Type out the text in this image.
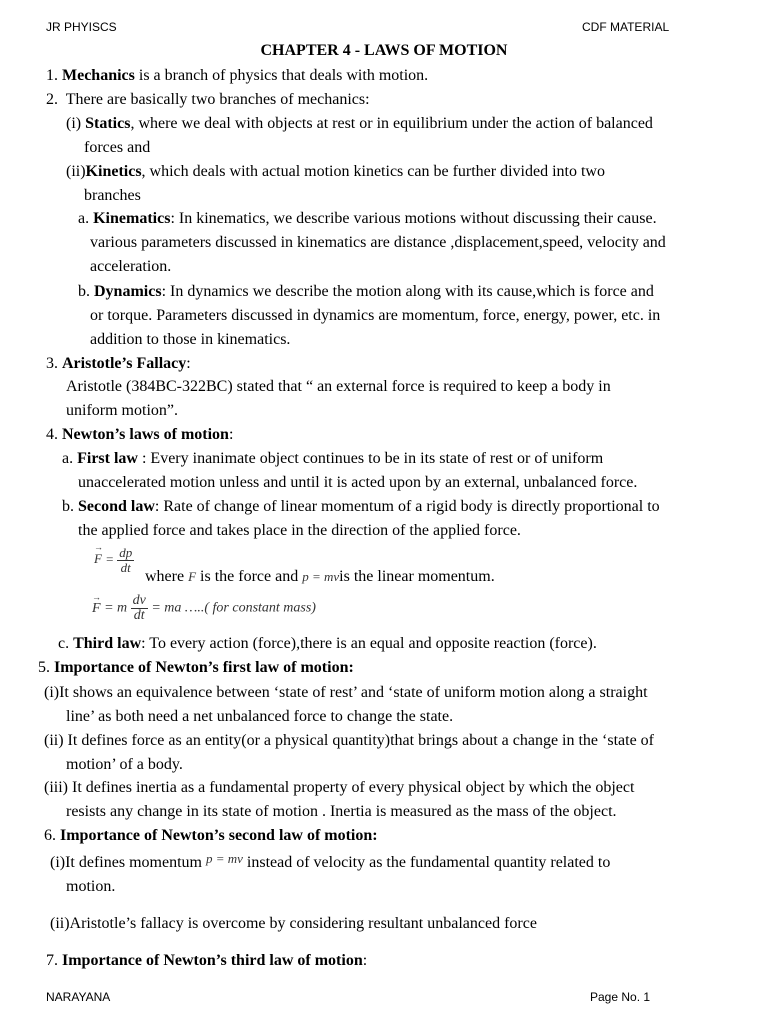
JR PHYISCS	CDF MATERIAL
CHAPTER 4 - LAWS OF MOTION
1. Mechanics is a branch of physics that deals with motion.
2. There are basically two branches of mechanics:
(i) Statics, where we deal with objects at rest or in equilibrium under the action of balanced
forces and
(ii)Kinetics, which deals with actual motion kinetics can be further divided into two
branches
a. Kinematics: In kinematics, we describe various motions without discussing their cause.
various parameters discussed in kinematics are distance ,displacement,speed, velocity and
acceleration.
b. Dynamics: In dynamics we describe the motion along with its cause,which is force and
or torque. Parameters discussed in dynamics are momentum, force, energy, power, etc. in
addition to those in kinematics.
3. Aristotle’s Fallacy:
Aristotle (384BC-322BC) stated that “ an external force is required to keep a body in
uniform motion”.
4. Newton’s laws of motion:
a. First law : Every inanimate object continues to be in its state of rest or of uniform
unaccelerated motion unless and until it is acted upon by an external, unbalanced force.
b. Second law: Rate of change of linear momentum of a rigid body is directly proportional to
the applied force and takes place in the direction of the applied force.
→ $F = \frac{dp}{dt}$
where F is the force and p = mvis the linear momentum.
→ F = m $\frac{dv}{dt}$ = ma …..( for constant mass)
c. Third law: To every action (force),there is an equal and opposite reaction (force).
5. Importance of Newton’s first law of motion:
(i)It shows an equivalence between ‘state of rest’ and ‘state of uniform motion along a straight
line’ as both need a net unbalanced force to change the state.
(ii) It defines force as an entity(or a physical quantity)that brings about a change in the ‘state of
motion’ of a body.
(iii) It defines inertia as a fundamental property of every physical object by which the object
resists any change in its state of motion . Inertia is measured as the mass of the object.
6. Importance of Newton’s second law of motion:
(i)It defines momentum $^{p = mv}$ instead of velocity as the fundamental quantity related to
motion.
(ii)Aristotle’s fallacy is overcome by considering resultant unbalanced force
7. Importance of Newton’s third law of motion:
NARAYANA	Page No. 1
